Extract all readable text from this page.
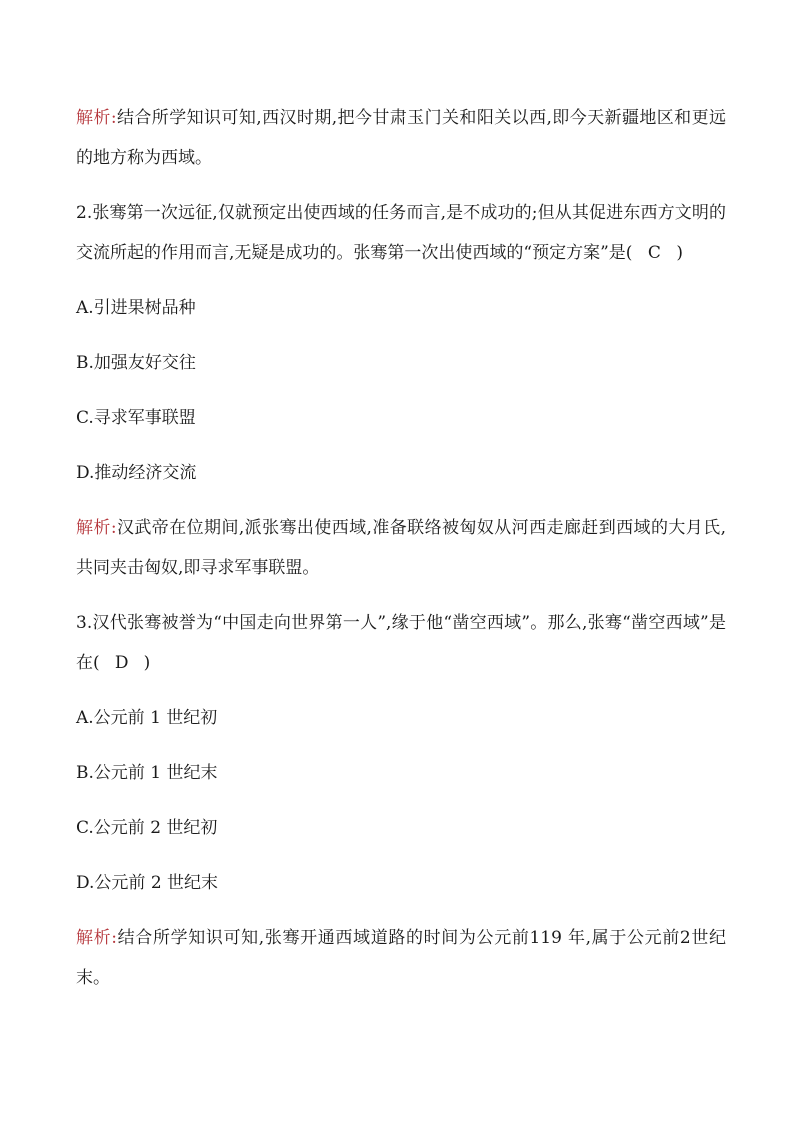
解析:结合所学知识可知,西汉时期,把今甘肃玉门关和阳关以西,即今天新疆地区和更远的地方称为西域。
2.张骞第一次远征,仅就预定出使西域的任务而言,是不成功的;但从其促进东西方文明的交流所起的作用而言,无疑是成功的。张骞第一次出使西域的“预定方案”是( C )
A.引进果树品种
B.加强友好交往
C.寻求军事联盟
D.推动经济交流
解析:汉武帝在位期间,派张骞出使西域,准备联络被匈奴从河西走廊赶到西域的大月氏,共同夹击匈奴,即寻求军事联盟。
3.汉代张骞被誉为“中国走向世界第一人”,缘于他“凿空西域”。那么,张骞“凿空西域”是在( D )
A.公元前 1 世纪初
B.公元前 1 世纪末
C.公元前 2 世纪初
D.公元前 2 世纪末
解析:结合所学知识可知,张骞开通西域道路的时间为公元前119 年,属于公元前2世纪末。
